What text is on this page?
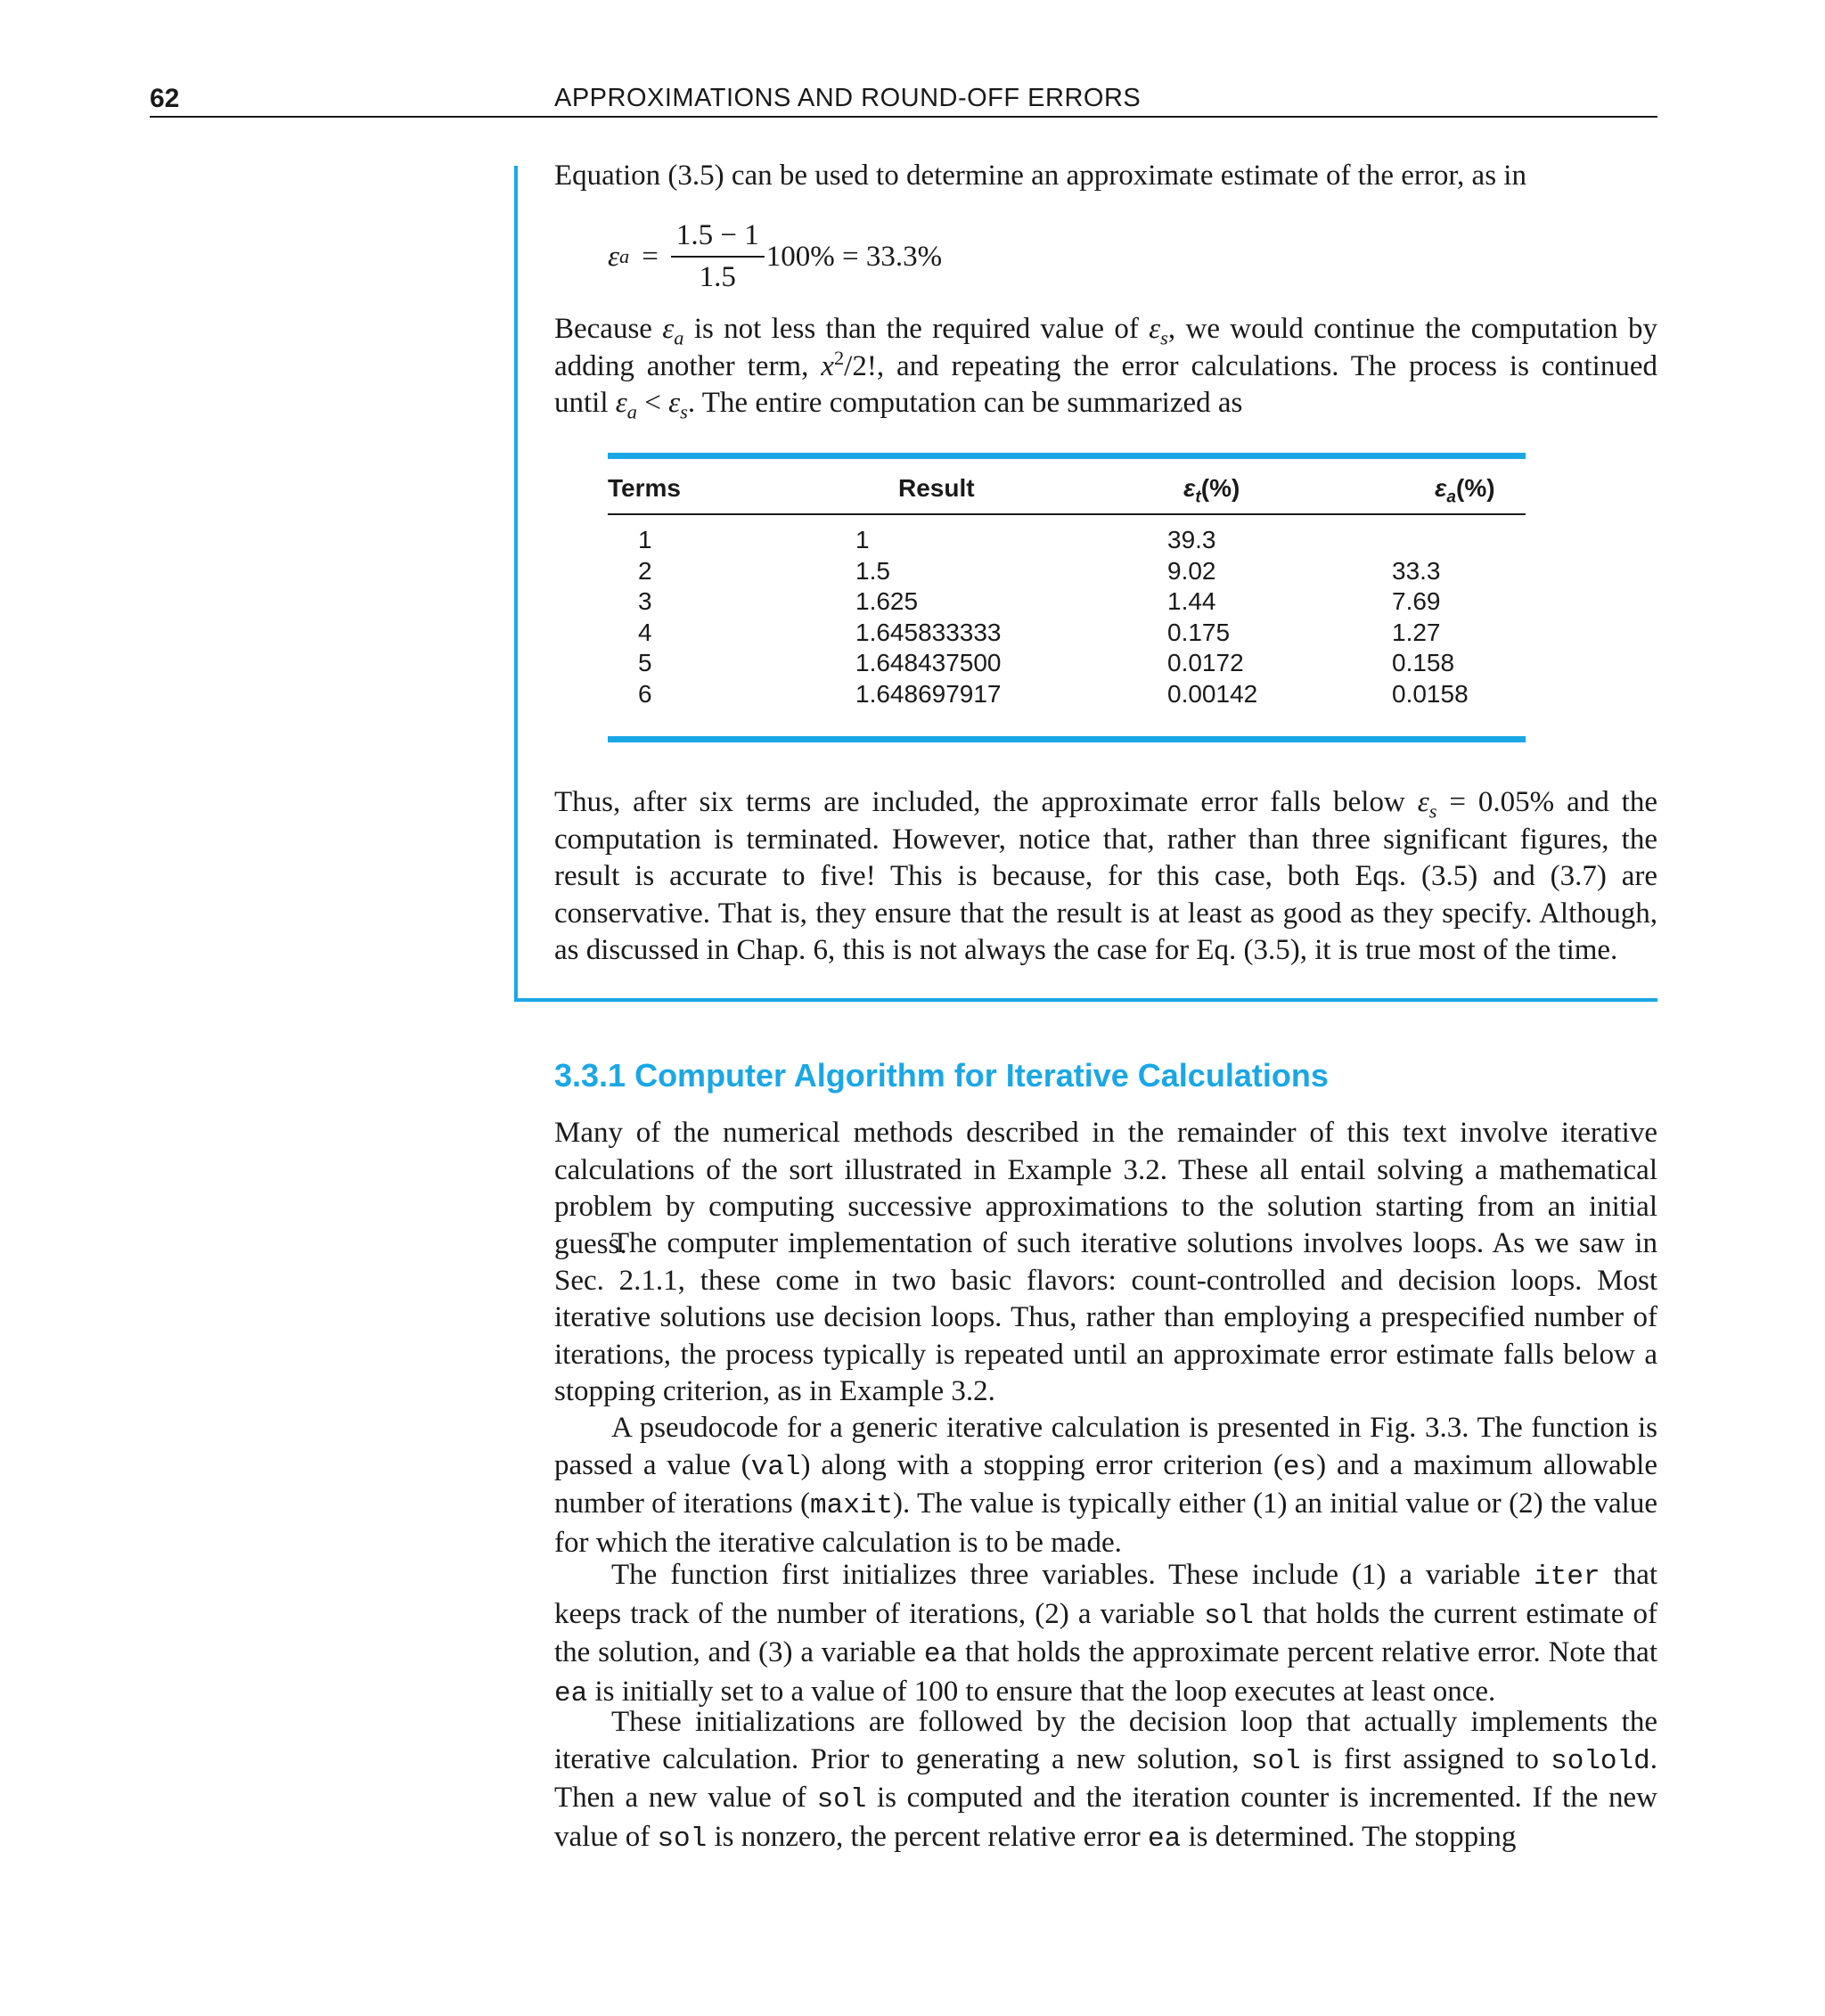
62	APPROXIMATIONS AND ROUND-OFF ERRORS

Equation (3.5) can be used to determine an approximate estimate of the error, as in

ε $a = \frac{1.5 - 1}{1.5} 100\% = 33.3\%$

Because $\varepsilon_a$ is not less than the required value of $\varepsilon_s$, we would continue the computation by adding another term, $x^2/2$!, and repeating the error calculations. The process is continued until $\varepsilon_a < \varepsilon_s$. The entire computation can be summarized as

Terms	Result	$\varepsilon_t$ (%)	$\varepsilon_a$ (%)
1	1	39.3
2	1.5	9.02	33.3
3	1.625	1.44	7.69
4	1.645833333	0.175	1.27
5	1.648437500	0.0172	0.158
6	1.648697917	0.00142	0.0158

Thus, after six terms are included, the approximate error falls below $\varepsilon_s = 0.05\%$ and the computation is terminated. However, notice that, rather than three significant figures, the result is accurate to five! This is because, for this case, both Eqs. (3.5) and (3.7) are conservative. That is, they ensure that the result is at least as good as they specify. Although, as discussed in Chap. 6, this is not always the case for Eq. (3.5), it is true most of the time.

3.3.1 Computer Algorithm for Iterative Calculations

Many of the numerical methods described in the remainder of this text involve iterative calculations of the sort illustrated in Example 3.2. These all entail solving a mathematical problem by computing successive approximations to the solution starting from an initial guess.

The computer implementation of such iterative solutions involves loops. As we saw in Sec. 2.1.1, these come in two basic flavors: count-controlled and decision loops. Most iterative solutions use decision loops. Thus, rather than employing a prespecified number of iterations, the process typically is repeated until an approximate error estimate falls below a stopping criterion, as in Example 3.2.

A pseudocode for a generic iterative calculation is presented in Fig. 3.3. The function is passed a value (val) along with a stopping error criterion (es) and a maximum allowable number of iterations (maxit). The value is typically either (1) an initial value or (2) the value for which the iterative calculation is to be made.

The function first initializes three variables. These include (1) a variable iter that keeps track of the number of iterations, (2) a variable sol that holds the current estimate of the solution, and (3) a variable ea that holds the approximate percent relative error. Note that ea is initially set to a value of 100 to ensure that the loop executes at least once.

These initializations are followed by the decision loop that actually implements the iterative calculation. Prior to generating a new solution, sol is first assigned to solold. Then a new value of sol is computed and the iteration counter is incremented. If the new value of sol is nonzero, the percent relative error ea is determined. The stopping
